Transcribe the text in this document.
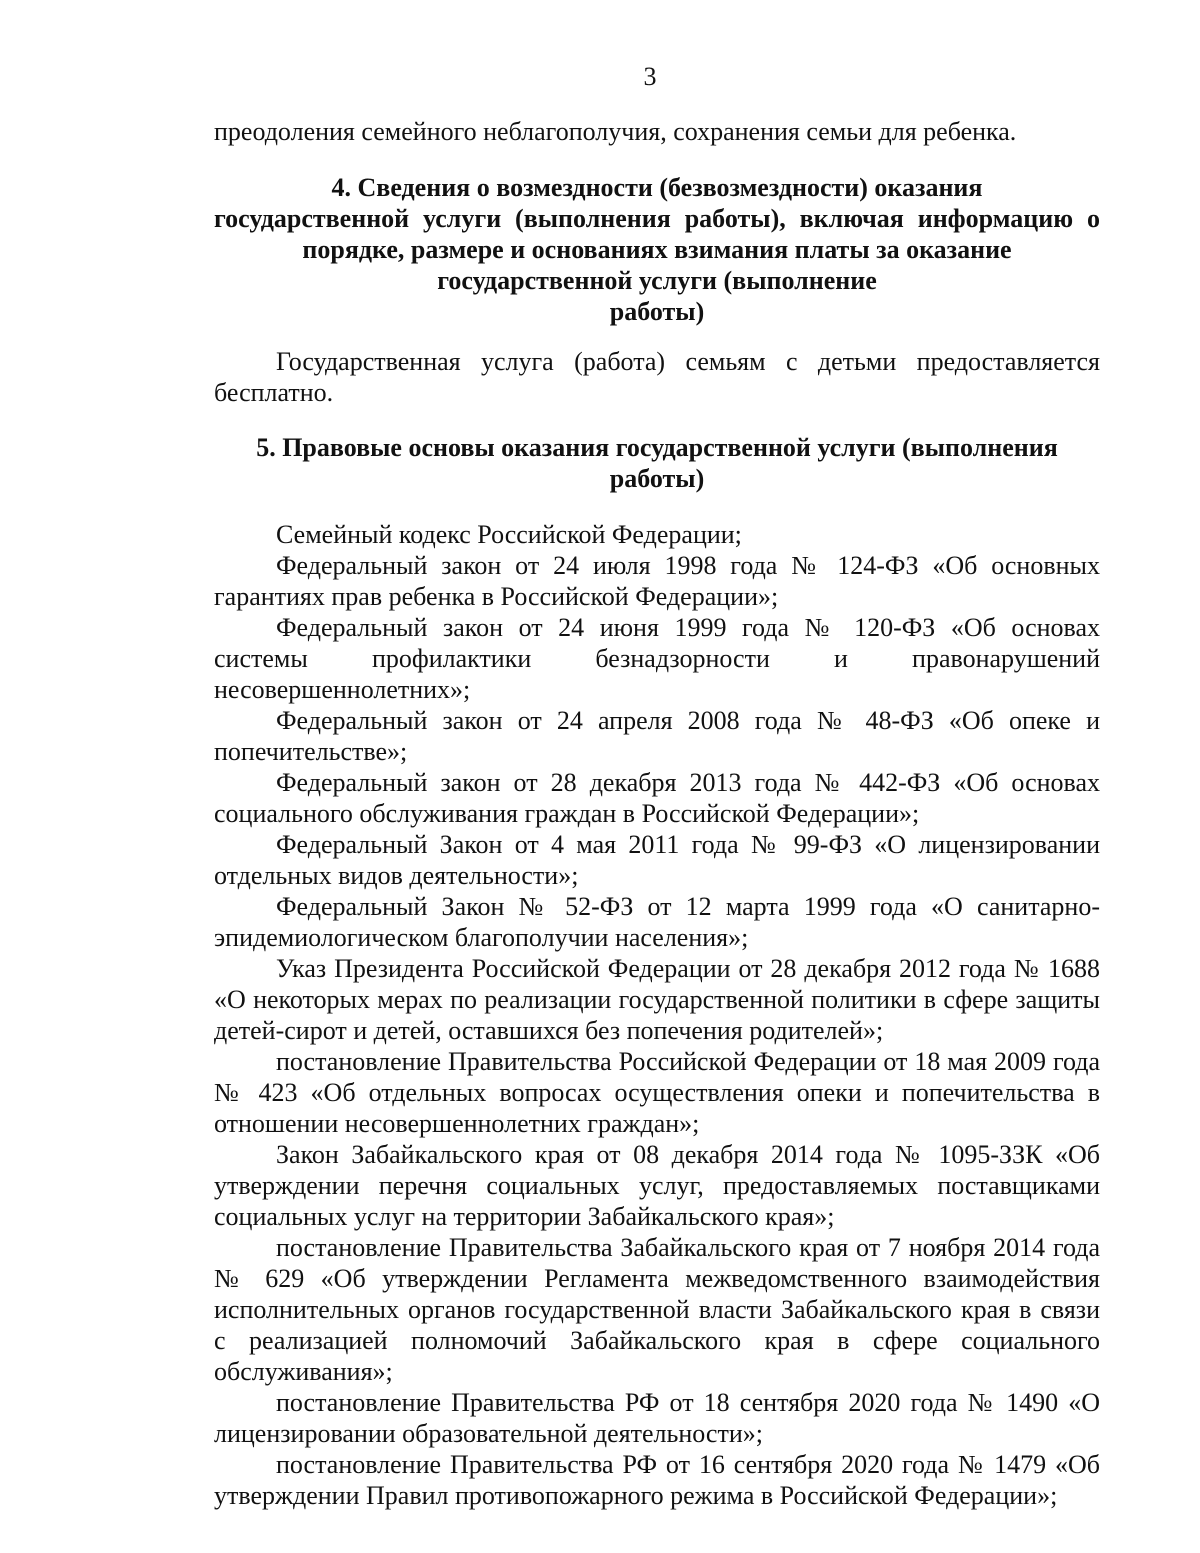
3
преодоления семейного неблагополучия, сохранения семьи для ребенка.
4. Сведения о возмездности (безвозмездности) оказания
государственной услуги (выполнения работы), включая информацию о
порядке, размере и основаниях взимания платы за оказание
государственной услуги (выполнение
работы)

Государственная услуга (работа) семьям с детьми предоставляется бесплатно.

5. Правовые основы оказания государственной услуги (выполнения
работы)

Семейный кодекс Российской Федерации;

Федеральный закон от 24 июля 1998 года № 124-ФЗ «Об основных гарантиях прав ребенка в Российской Федерации»;

Федеральный закон от 24 июня 1999 года № 120-ФЗ «Об основах системы профилактики безнадзорности и правонарушений несовершеннолетних»;

Федеральный закон от 24 апреля 2008 года № 48-ФЗ «Об опеке и попечительстве»;

Федеральный закон от 28 декабря 2013 года № 442-ФЗ «Об основах социального обслуживания граждан в Российской Федерации»;

Федеральный Закон от 4 мая 2011 года № 99-ФЗ «О лицензировании отдельных видов деятельности»;

Федеральный Закон № 52-ФЗ от 12 марта 1999 года «О санитарно-эпидемиологическом благополучии населения»;

Указ Президента Российской Федерации от 28 декабря 2012 года № 1688 «О некоторых мерах по реализации государственной политики в сфере защиты детей-сирот и детей, оставшихся без попечения родителей»;

постановление Правительства Российской Федерации от 18 мая 2009 года № 423 «Об отдельных вопросах осуществления опеки и попечительства в отношении несовершеннолетних граждан»;

Закон Забайкальского края от 08 декабря 2014 года № 1095-ЗЗК «Об утверждении перечня социальных услуг, предоставляемых поставщиками социальных услуг на территории Забайкальского края»;

постановление Правительства Забайкальского края от 7 ноября 2014 года № 629 «Об утверждении Регламента межведомственного взаимодействия исполнительных органов государственной власти Забайкальского края в связи с реализацией полномочий Забайкальского края в сфере социального обслуживания»;

постановление Правительства РФ от 18 сентября 2020 года № 1490 «О лицензировании образовательной деятельности»;

постановление Правительства РФ от 16 сентября 2020 года № 1479 «Об утверждении Правил противопожарного режима в Российской Федерации»;
